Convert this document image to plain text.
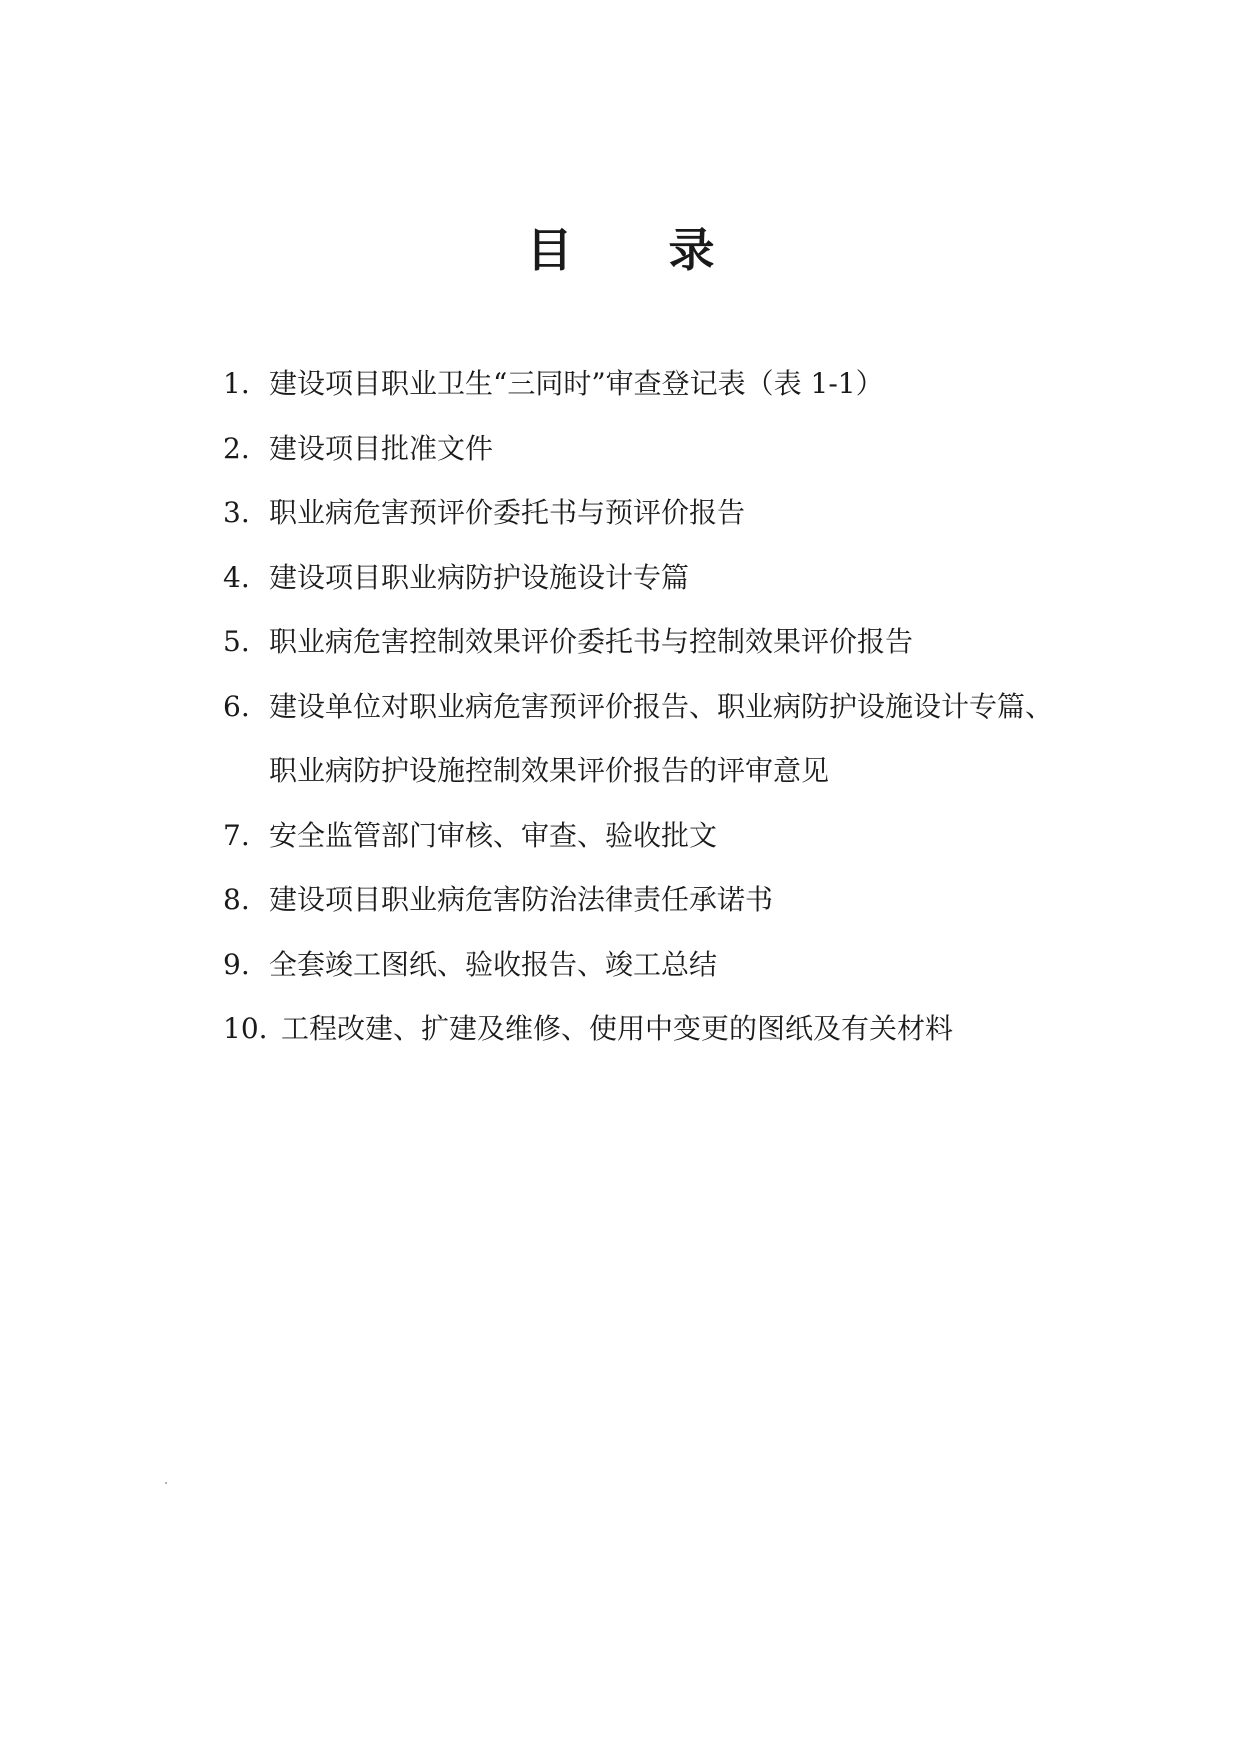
目 录
1. 建设项目职业卫生“三同时”审查登记表（表 1-1）
2. 建设项目批准文件
3. 职业病危害预评价委托书与预评价报告
4. 建设项目职业病防护设施设计专篇
5. 职业病危害控制效果评价委托书与控制效果评价报告
6. 建设单位对职业病危害预评价报告、职业病防护设施设计专篇、
职业病防护设施控制效果评价报告的评审意见
7. 安全监管部门审核、审查、验收批文
8. 建设项目职业病危害防治法律责任承诺书
9. 全套竣工图纸、验收报告、竣工总结
10. 工程改建、扩建及维修、使用中变更的图纸及有关材料
